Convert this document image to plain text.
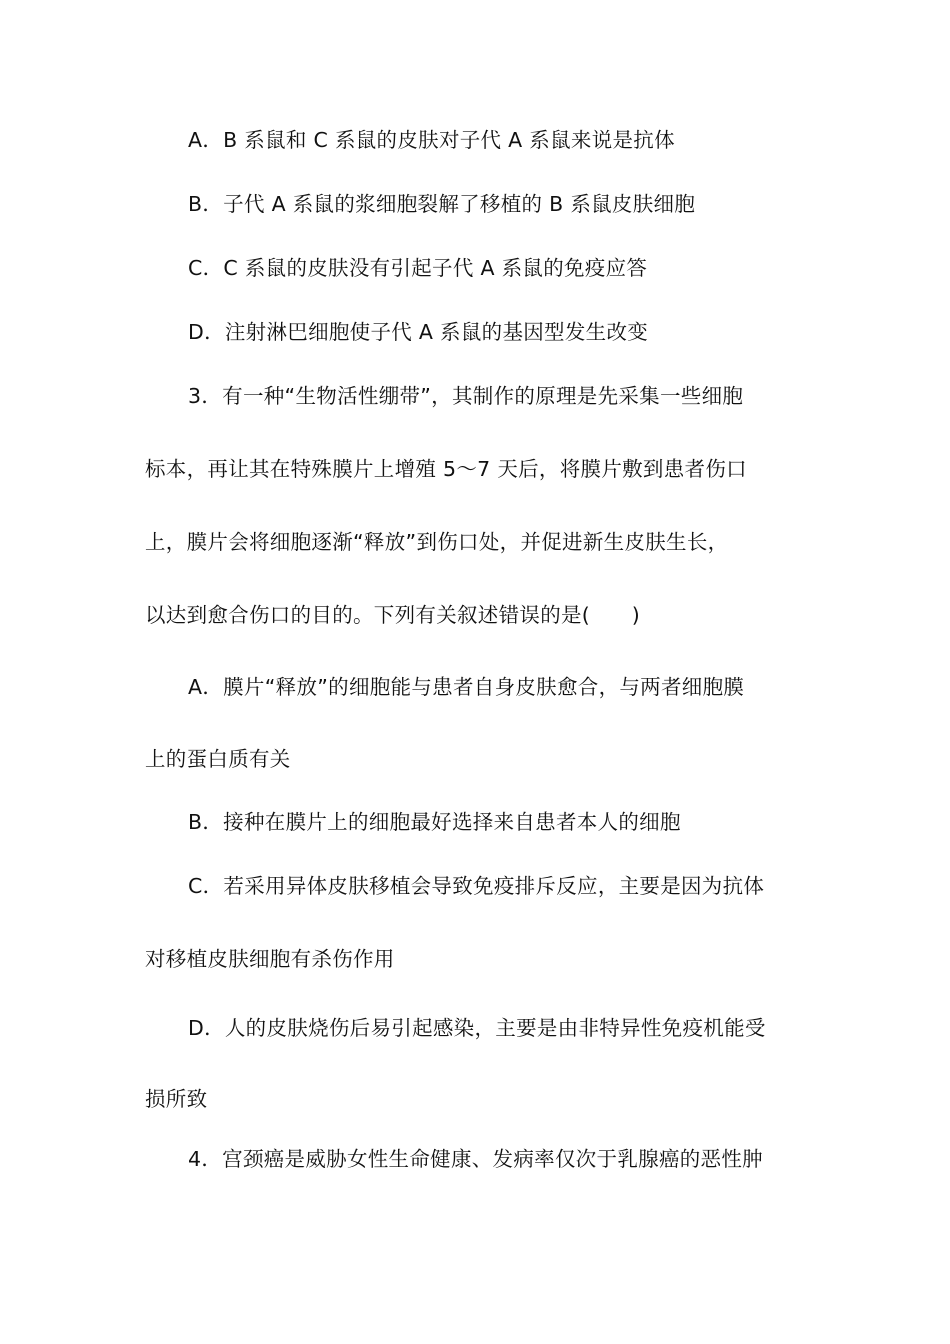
A．B 系鼠和 C 系鼠的皮肤对子代 A 系鼠来说是抗体
B．子代 A 系鼠的浆细胞裂解了移植的 B 系鼠皮肤细胞
C．C 系鼠的皮肤没有引起子代 A 系鼠的免疫应答
D．注射淋巴细胞使子代 A 系鼠的基因型发生改变
3．有一种“生物活性绷带”，其制作的原理是先采集一些细胞
标本，再让其在特殊膜片上增殖 5～7 天后，将膜片敷到患者伤口
上，膜片会将细胞逐渐“释放”到伤口处，并促进新生皮肤生长，
以达到愈合伤口的目的。下列有关叙述错误的是(　　)
A．膜片“释放”的细胞能与患者自身皮肤愈合，与两者细胞膜
上的蛋白质有关
B．接种在膜片上的细胞最好选择来自患者本人的细胞
C．若采用异体皮肤移植会导致免疫排斥反应，主要是因为抗体
对移植皮肤细胞有杀伤作用
D．人的皮肤烧伤后易引起感染，主要是由非特异性免疫机能受
损所致
4．宫颈癌是威胁女性生命健康、发病率仅次于乳腺癌的恶性肿
